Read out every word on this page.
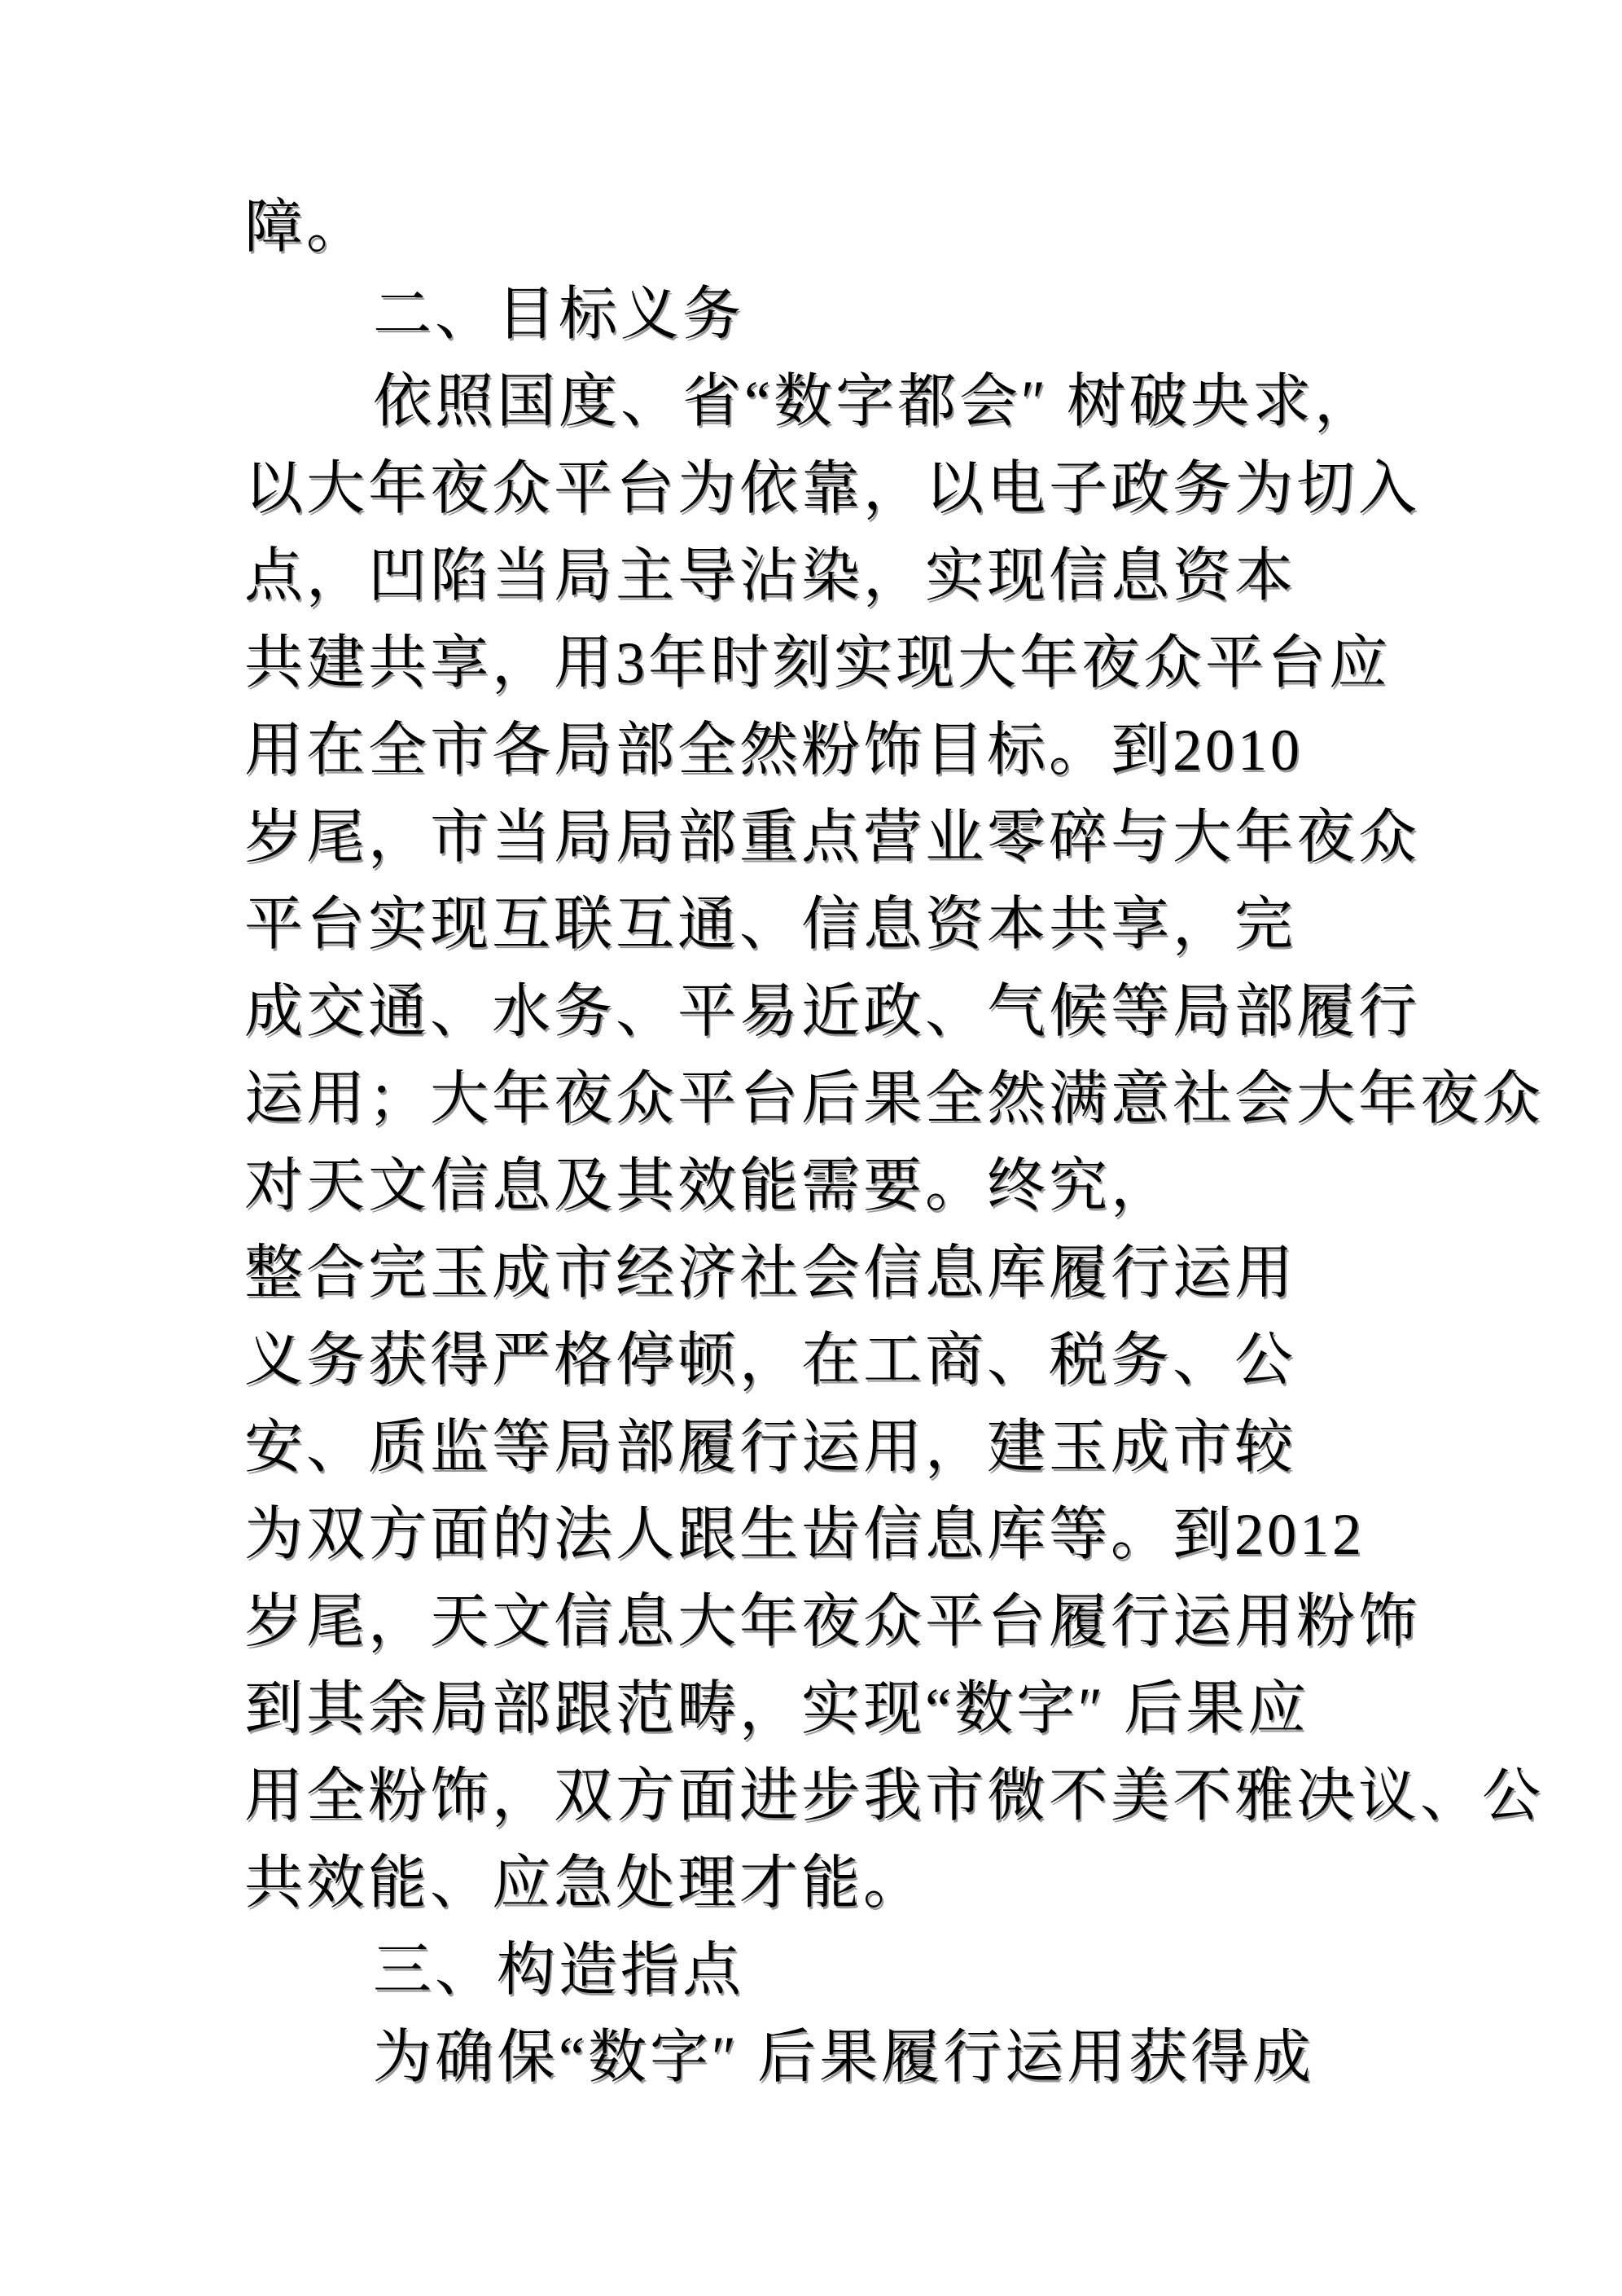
障。
二、目标义务
依照国度、省“数字都会″ 树破央求，
以大年夜众平台为依靠，以电子政务为切入
点，凹陷当局主导沾染，实现信息资本
共建共享，用3年时刻实现大年夜众平台应
用在全市各局部全然粉饰目标。到2010
岁尾，市当局局部重点营业零碎与大年夜众
平台实现互联互通、信息资本共享，完
成交通、水务、平易近政、气候等局部履行
运用；大年夜众平台后果全然满意社会大年夜众
对天文信息及其效能需要。终究，
整合完玉成市经济社会信息库履行运用
义务获得严格停顿，在工商、税务、公
安、质监等局部履行运用，建玉成市较
为双方面的法人跟生齿信息库等。到2012
岁尾，天文信息大年夜众平台履行运用粉饰
到其余局部跟范畴，实现“数字″ 后果应
用全粉饰，双方面进步我市微不美不雅决议、公
共效能、应急处理才能。
三、构造指点
为确保“数字″ 后果履行运用获得成
